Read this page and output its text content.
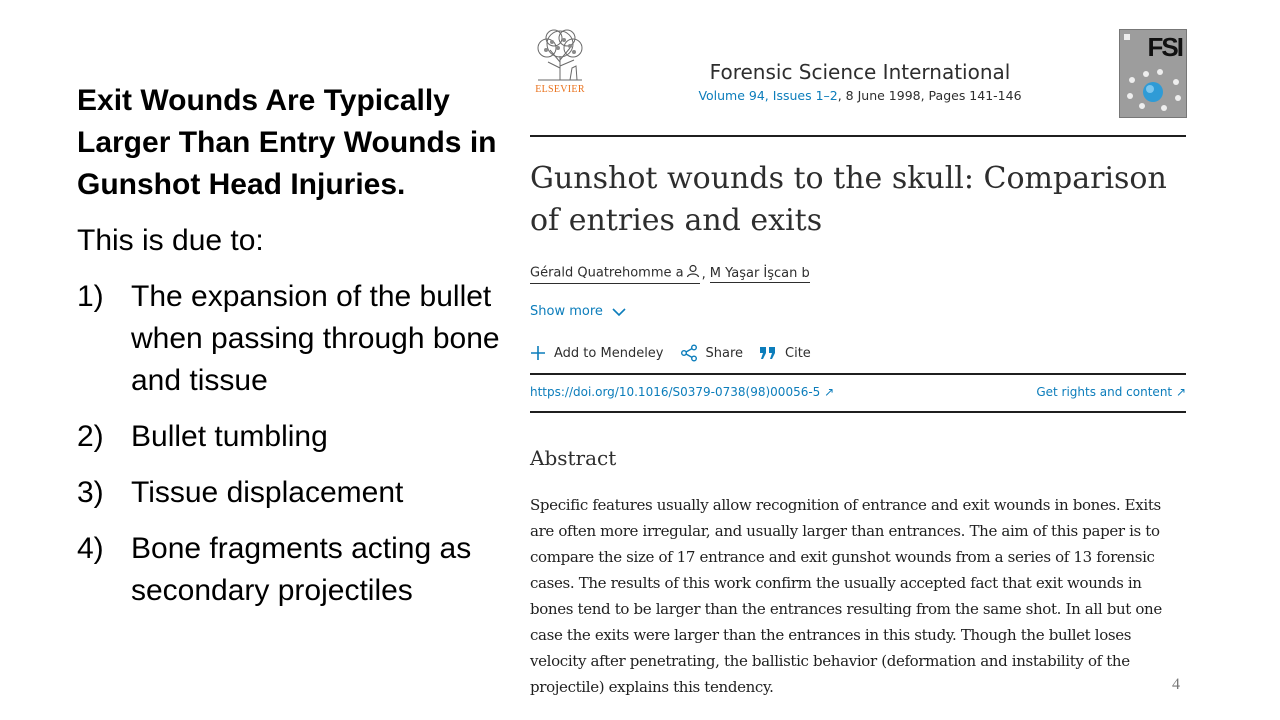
Exit Wounds Are Typically Larger Than Entry Wounds in Gunshot Head Injuries.

This is due to:

1) The expansion of the bullet when passing through bone and tissue
2) Bullet tumbling
3) Tissue displacement
4) Bone fragments acting as secondary projectiles
ELSEVIER
Forensic Science International
Volume 94, Issues 1–2, 8 June 1998, Pages 141-146
FSI
Gunshot wounds to the skull: Comparison of entries and exits
Gérald Quatrehomme a	, M Yaşar İşcan b
Show more
Add to Mendeley	Share	Cite
https://doi.org/10.1016/S0379-0738(98)00056-5 ↗	Get rights and content ↗
Abstract

Specific features usually allow recognition of entrance and exit wounds in bones. Exits are often more irregular, and usually larger than entrances. The aim of this paper is to compare the size of 17 entrance and exit gunshot wounds from a series of 13 forensic cases. The results of this work confirm the usually accepted fact that exit wounds in bones tend to be larger than the entrances resulting from the same shot. In all but one case the exits were larger than the entrances in this study. Though the bullet loses velocity after penetrating, the ballistic behavior (deformation and instability of the projectile) explains this tendency.	4
